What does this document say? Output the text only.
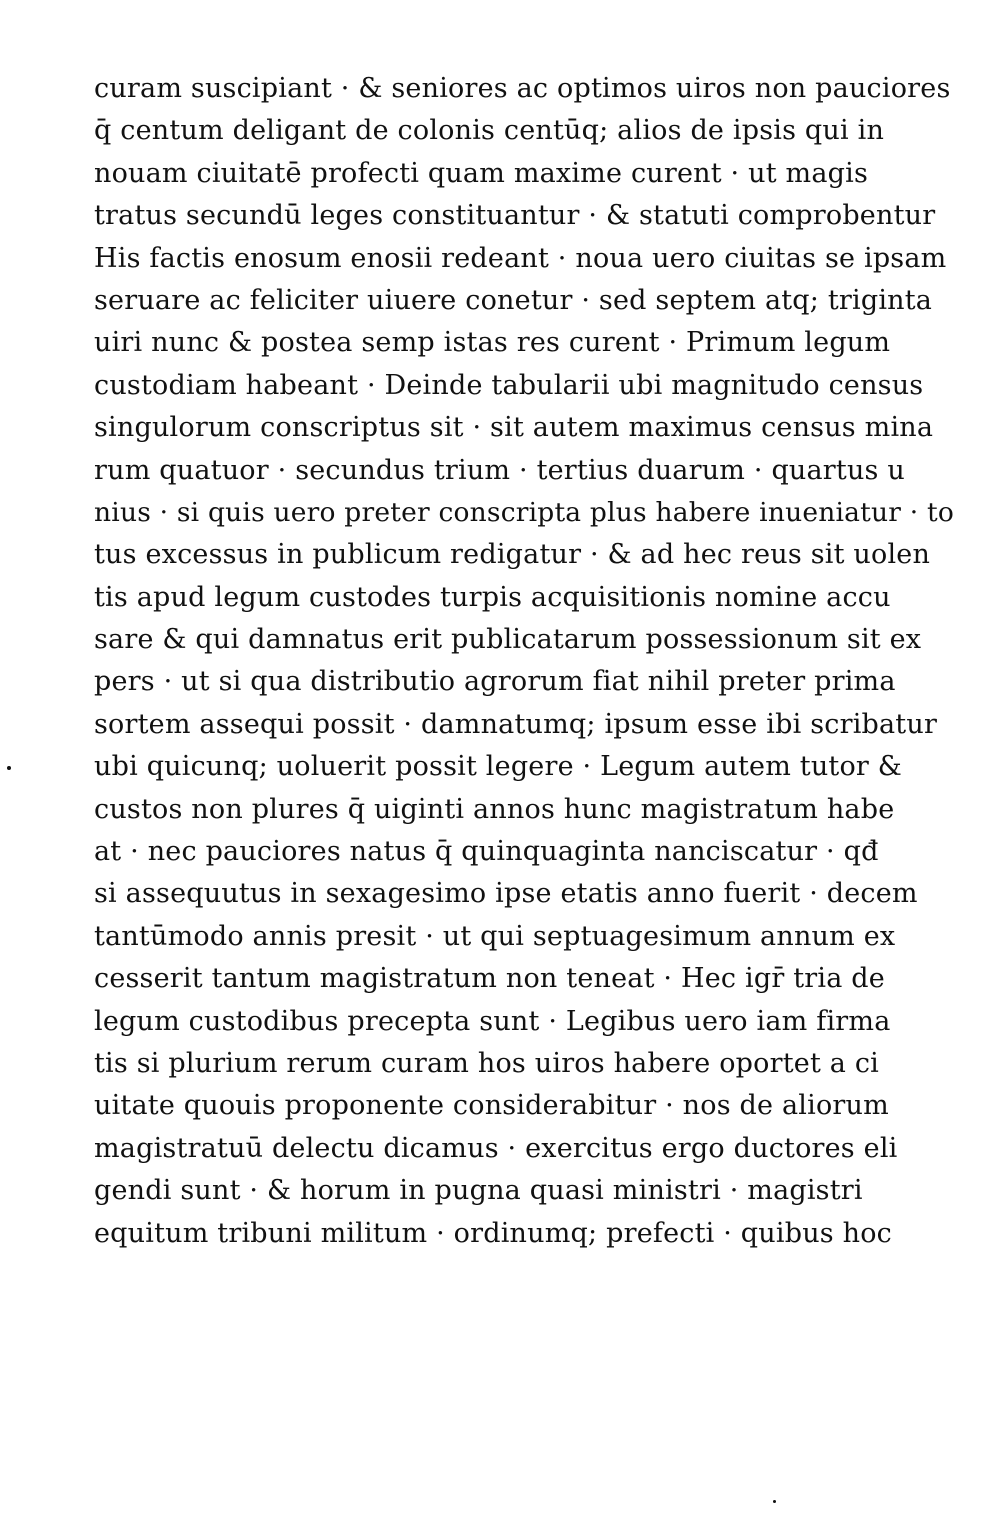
curam suscipiant · & seniores ac optimos uiros non pauciores
q̄ centum deligant de colonis centūq; alios de ipsis qui in
nouam ciuitatē profecti quam maxime curent · ut magis
tratus secundū leges constituantur · & statuti comprobentur
His factis enosum enosii redeant · noua uero ciuitas se ipsam
seruare ac feliciter uiuere conetur · sed septem atq; triginta
uiri nunc & postea semp istas res curent · Primum legum
custodiam habeant · Deinde tabularii ubi magnitudo census
singulorum conscriptus sit · sit autem maximus census mina
rum quatuor · secundus trium · tertius duarum · quartus u
nius · si quis uero preter conscripta plus habere inueniatur · to
tus excessus in publicum redigatur · & ad hec reus sit uolen
tis apud legum custodes turpis acquisitionis nomine accu
sare & qui damnatus erit publicatarum possessionum sit ex
pers · ut si qua distributio agrorum fiat nihil preter prima
sortem assequi possit · damnatumq; ipsum esse ibi scribatur
ubi quicunq; uoluerit possit legere · Legum autem tutor &
custos non plures q̄ uiginti annos hunc magistratum habe
at · nec pauciores natus q̄ quinquaginta nanciscatur · qđ
si assequutus in sexagesimo ipse etatis anno fuerit · decem
tantūmodo annis presit · ut qui septuagesimum annum ex
cesserit tantum magistratum non teneat · Hec igr̄ tria de
legum custodibus precepta sunt · Legibus uero iam firma
tis si plurium rerum curam hos uiros habere oportet a ci
uitate quouis proponente considerabitur · nos de aliorum
magistratuū delectu dicamus · exercitus ergo ductores eli
gendi sunt · & horum in pugna quasi ministri · magistri
equitum tribuni militum · ordinumq; prefecti · quibus hoc
